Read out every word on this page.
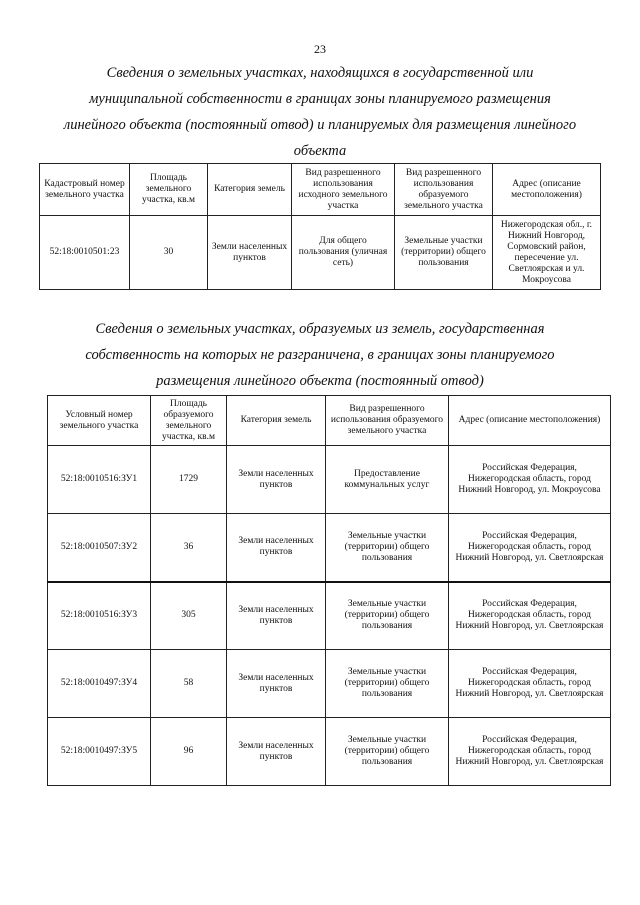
23
Сведения о земельных участках, находящихся в государственной или
муниципальной собственности в границах зоны планируемого размещения
линейного объекта (постоянный отвод) и планируемых для размещения линейного
объекта
Кадастровый номер земельного участка	Площадь земельного участка, кв.м	Категория земель	Вид разрешенного использования исходного земельного участка	Вид разрешенного использования образуемого земельного участка	Адрес (описание местоположения)
52:18:0010501:23	30	Земли населенных пунктов	Для общего пользования (уличная сеть)	Земельные участки (территории) общего пользования	Нижегородская обл., г. Нижний Новгород, Сормовский район, пересечение ул. Светлоярская и ул. Мокроусова
Сведения о земельных участках, образуемых из земель, государственная
собственность на которых не разграничена, в границах зоны планируемого
размещения линейного объекта (постоянный отвод)
Условный номер земельного участка	Площадь образуемого земельного участка, кв.м	Категория земель	Вид разрешенного использования образуемого земельного участка	Адрес (описание местоположения)
52:18:0010516:ЗУ1	1729	Земли населенных пунктов	Предоставление коммунальных услуг	Российская Федерация, Нижегородская область, город Нижний Новгород, ул. Мокроусова
52:18:0010507:ЗУ2	36	Земли населенных пунктов	Земельные участки (территории) общего пользования	Российская Федерация, Нижегородская область, город Нижний Новгород, ул. Светлоярская
52:18:0010516:ЗУ3	305	Земли населенных пунктов	Земельные участки (территории) общего пользования	Российская Федерация, Нижегородская область, город Нижний Новгород, ул. Светлоярская
52:18:0010497:ЗУ4	58	Земли населенных пунктов	Земельные участки (территории) общего пользования	Российская Федерация, Нижегородская область, город Нижний Новгород, ул. Светлоярская
52:18:0010497:ЗУ5	96	Земли населенных пунктов	Земельные участки (территории) общего пользования	Российская Федерация, Нижегородская область, город Нижний Новгород, ул. Светлоярская
